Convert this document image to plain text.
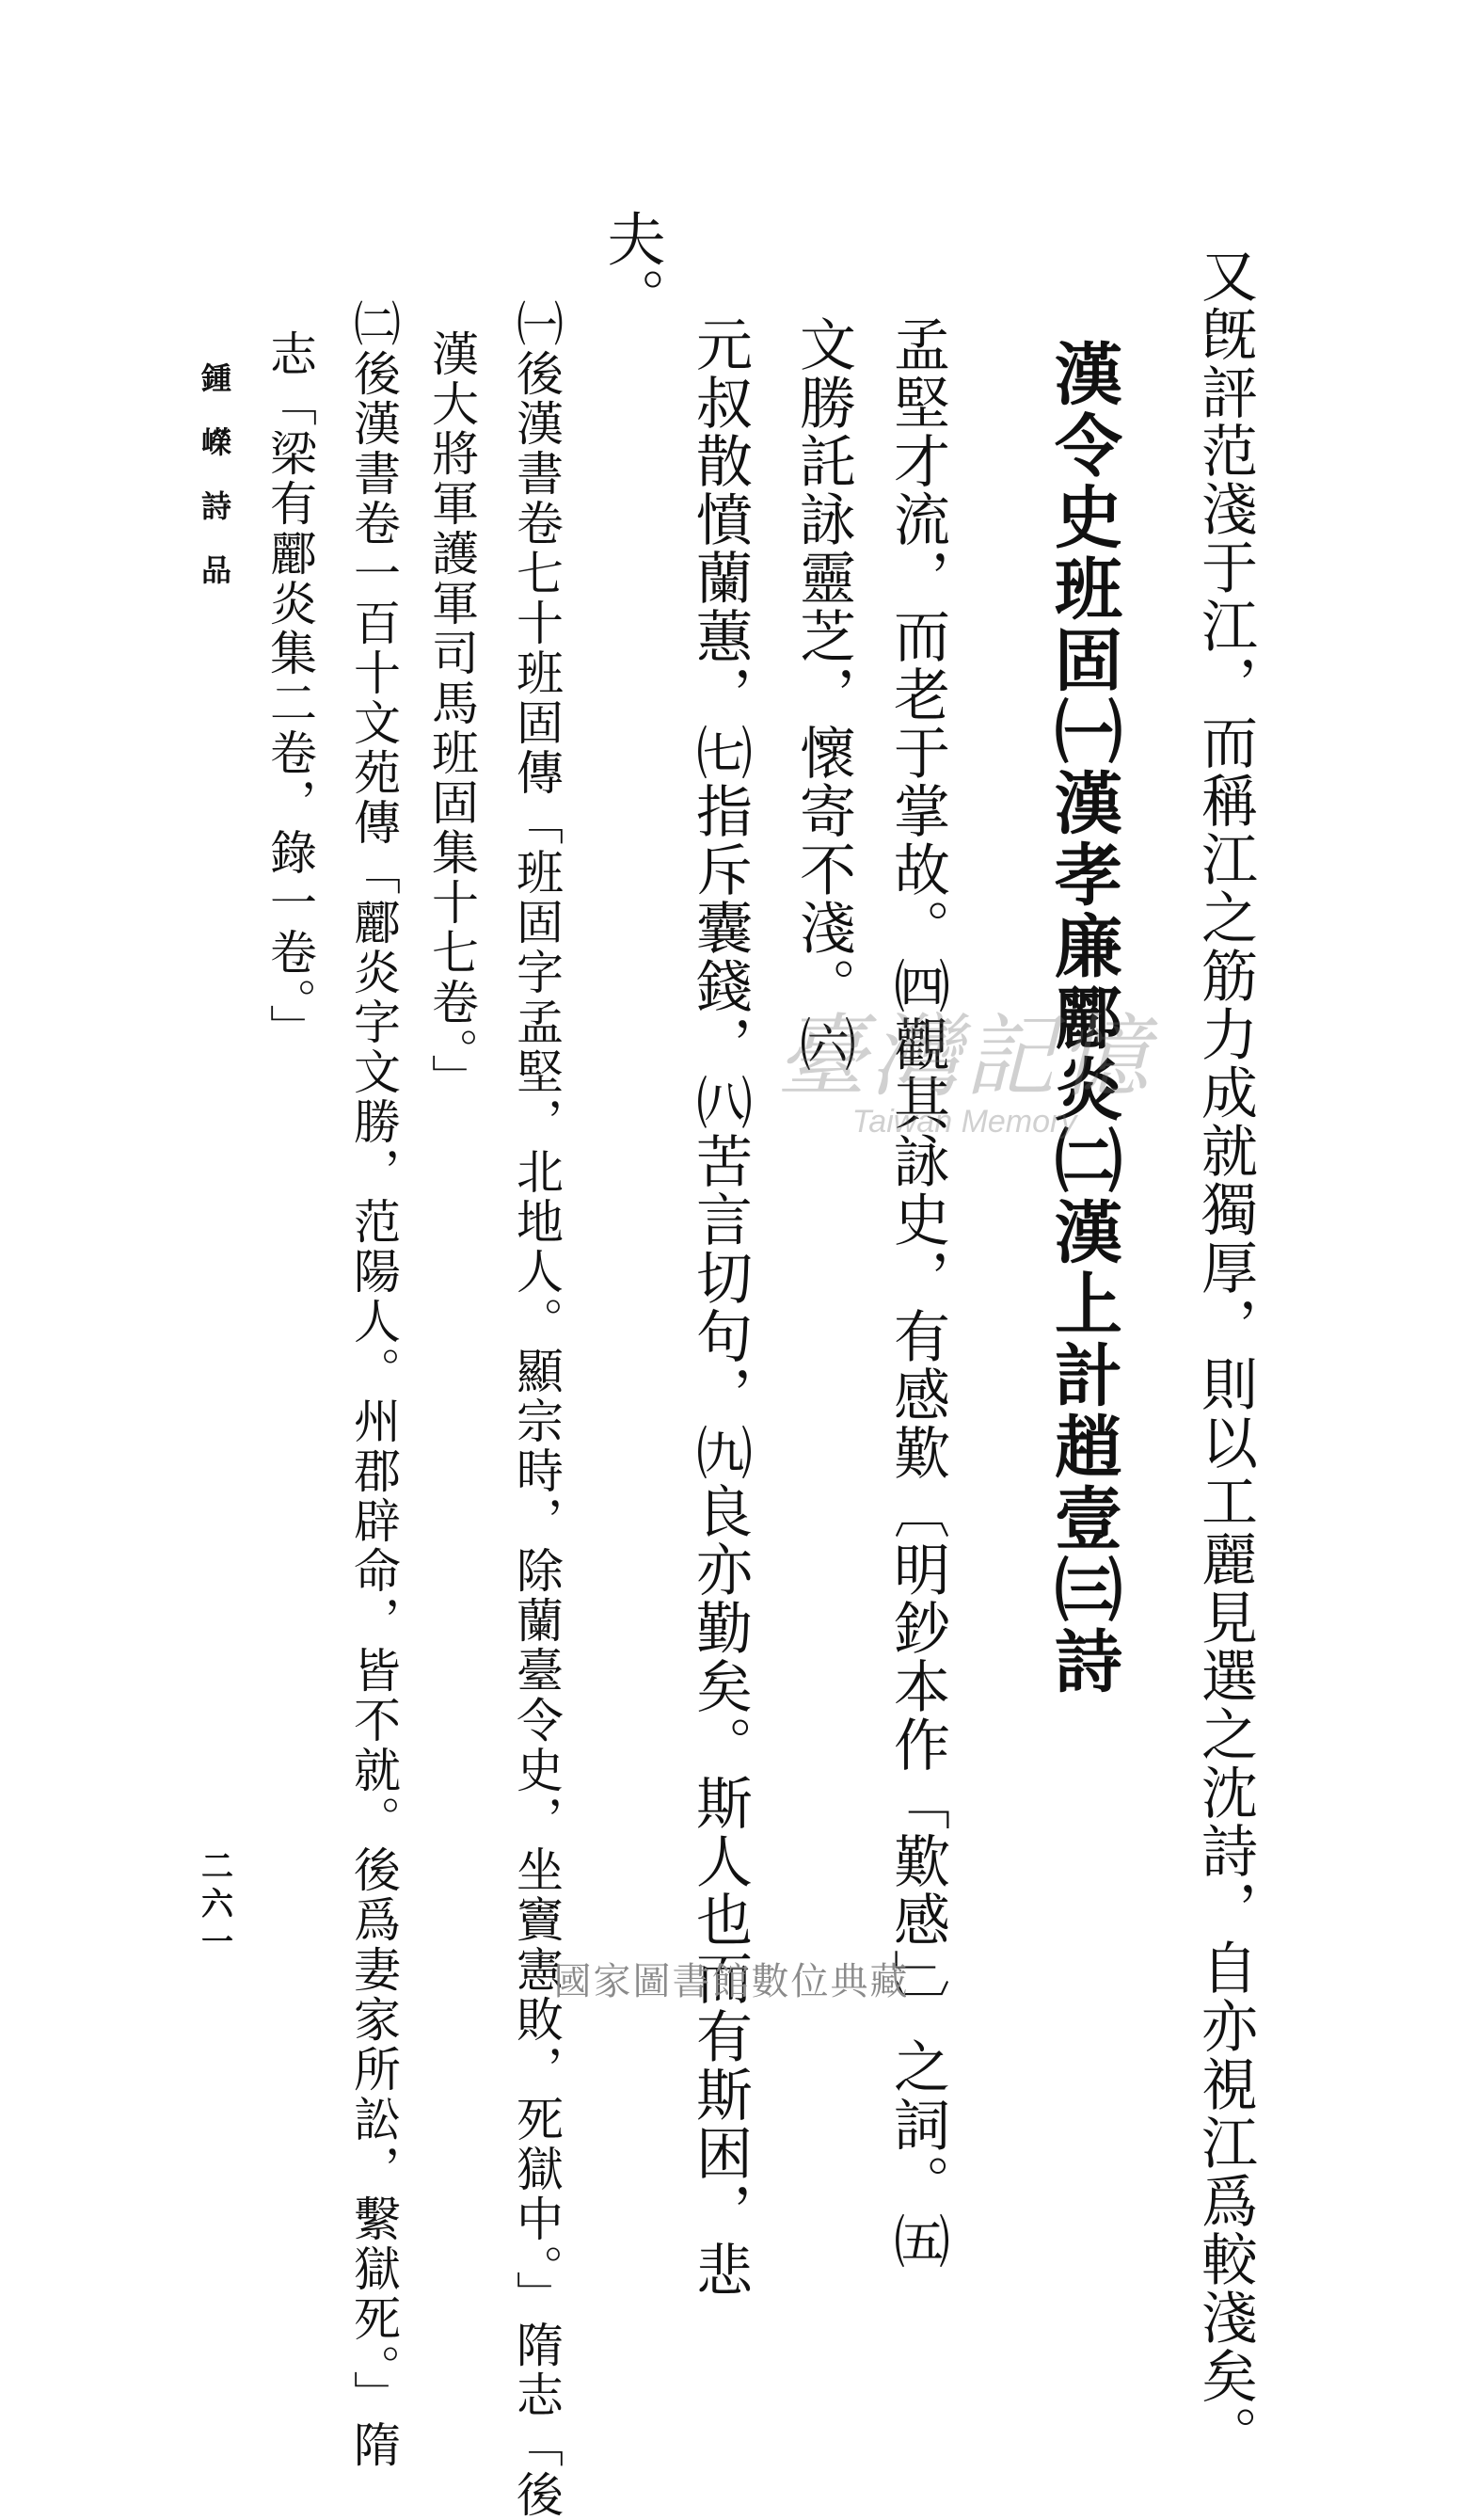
又旣評范淺于江，而稱江之筋力成就獨厚，則以工麗見選之沈詩，自亦視江爲較淺矣。
漢令史班固㈠漢孝廉酈炎㈡漢上計趙壹㈢詩
孟堅才流，而老于掌故。㈣觀其詠史，有感歎〔明鈔本作「歎感」〕之詞。㈤
文勝託詠靈芝，懷寄不淺。㈥
元叔散憤蘭蕙，㈦指斥囊錢，㈧苦言切句，㈨良亦勤矣。斯人也而有斯困，悲
夫。
㈠後漢書卷七十班固傳「班固字孟堅，北地人。顯宗時，除蘭臺令史，坐竇憲敗，死獄中。」隋志「後
漢大將軍護軍司馬班固集十七卷。」
㈡後漢書卷一百十文苑傳「酈炎字文勝，范陽人。州郡辟命，皆不就。後爲妻家所訟，繫獄死。」隋
志「梁有酈炎集二卷，錄一卷。」
鍾嶸詩品
二六一
臺灣記憶
Taiwan Memory
國家圖書館數位典藏
